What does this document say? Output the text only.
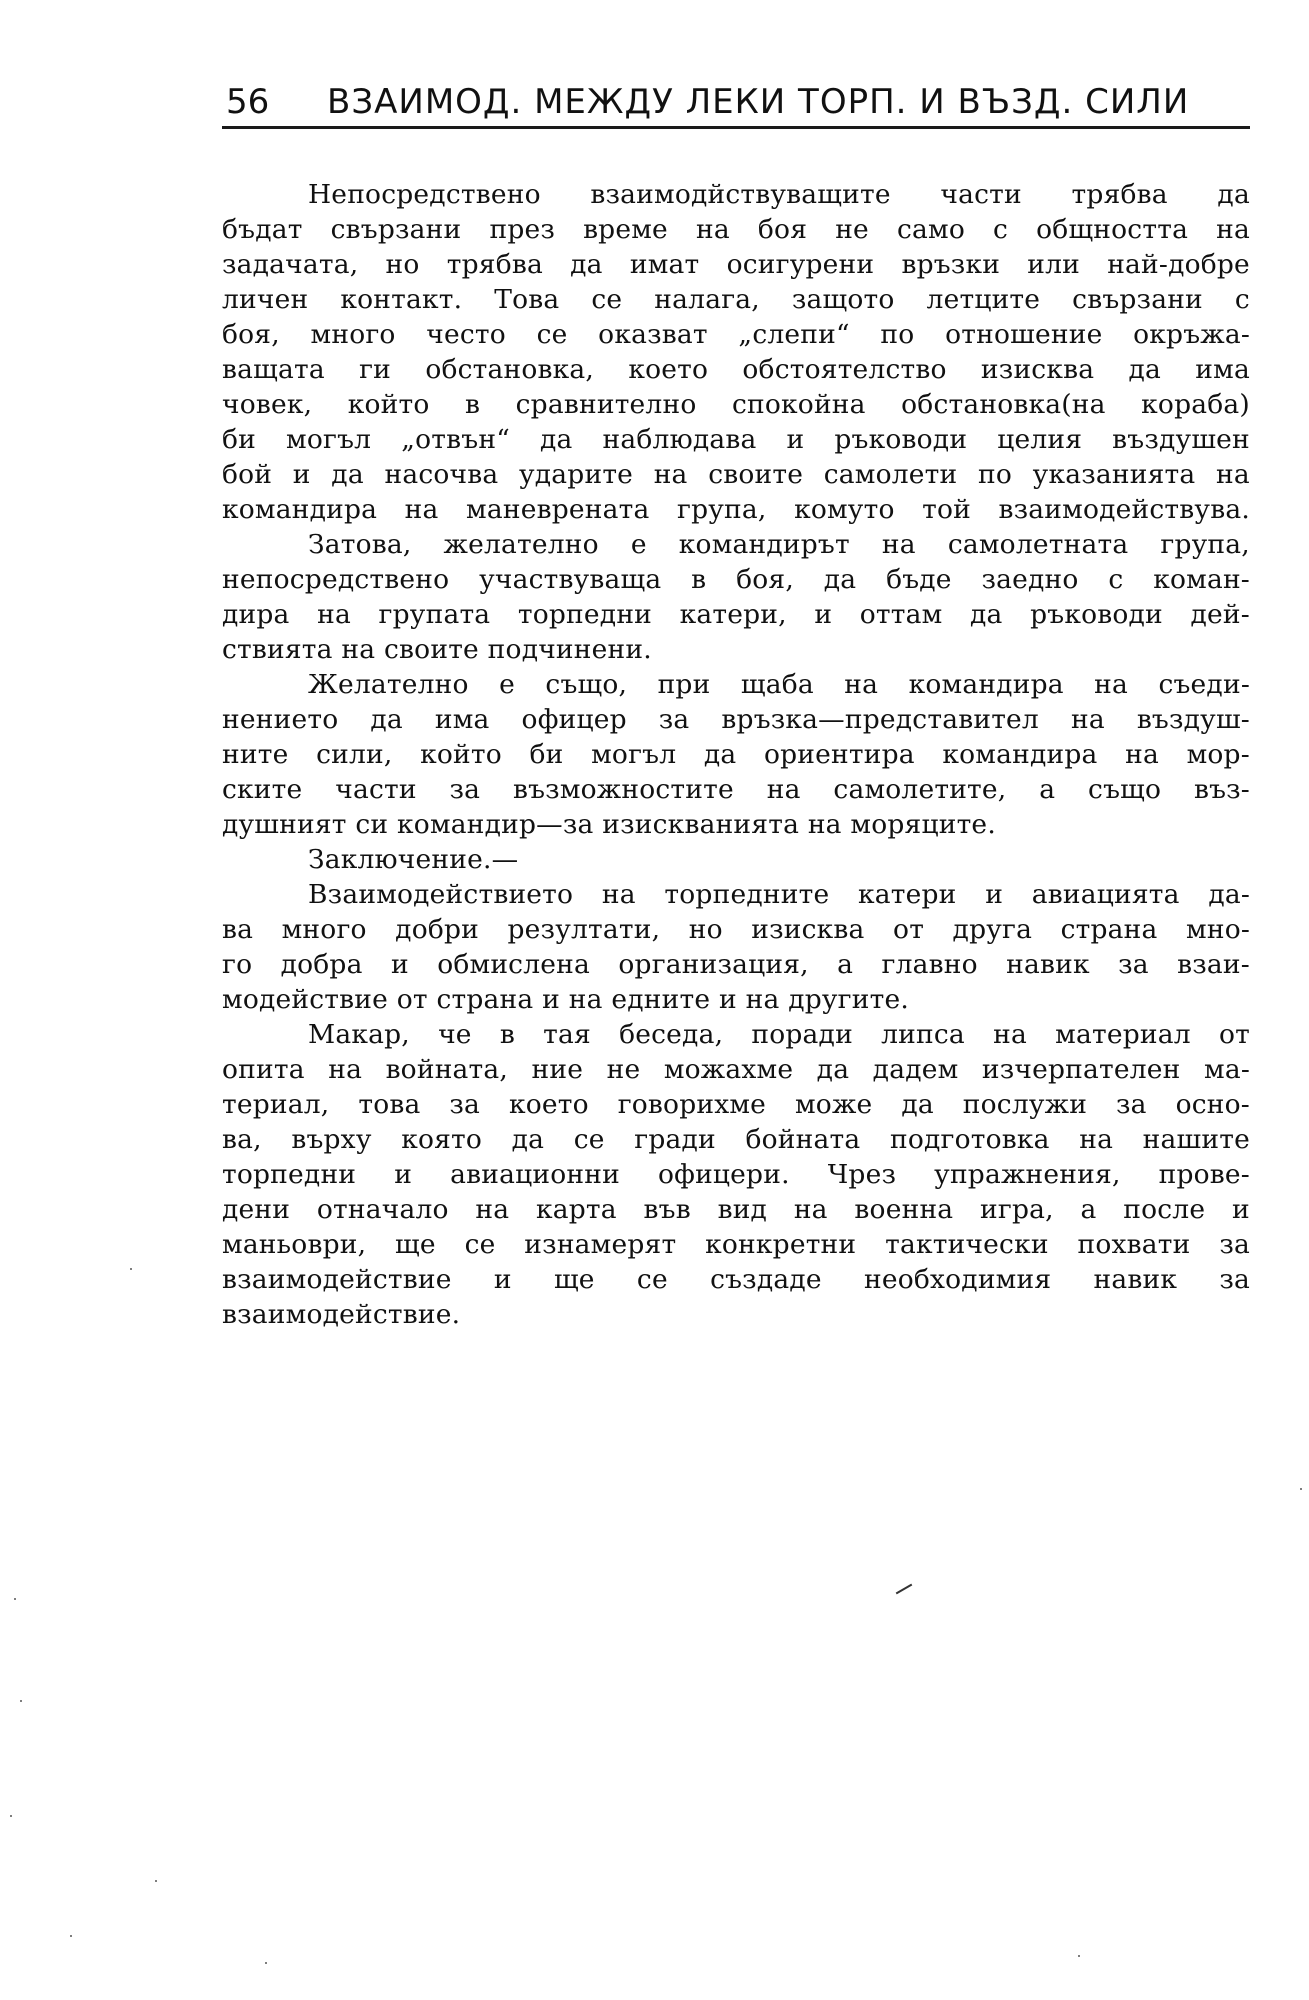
56 ВЗАИМОД. МЕЖДУ ЛЕКИ ТОРП. И ВЪЗД. СИЛИ
Непосредствено взаимодйствуващите части трябва да
бъдат свързани през време на боя не само с общността на
задачата, но трябва да имат осигурени връзки или най-добре
личен контакт. Това се налага, защото летците свързани с
боя, много често се оказват „слепи“ по отношение окръжа-
ващата ги обстановка, което обстоятелство изисква да има
човек, който в сравнително спокойна обстановка(на кораба)
би могъл „отвън“ да наблюдава и ръководи целия въздушен
бой и да насочва ударите на своите самолети по указанията на
командира на маневрената група, комуто той взаимодействува.
Затова, желателно е командирът на самолетната група,
непосредствено участвуваща в боя, да бъде заедно с коман-
дира на групата торпедни катери, и оттам да ръководи дей-
ствията на своите подчинени.
Желателно е също, при щаба на командира на съеди-
нението да има офицер за връзка—представител на въздуш-
ните сили, който би могъл да ориентира командира на мор-
ските части за възможностите на самолетите, а също въз-
душният си командир—за изискванията на моряците.
Заключение.—
Взаимодействието на торпедните катери и авиацията да-
ва много добри резултати, но изисква от друга страна мно-
го добра и обмислена организация, а главно навик за взаи-
модействие от страна и на едните и на другите.
Макар, че в тая беседа, поради липса на материал от
опита на войната, ние не можахме да дадем изчерпателен ма-
териал, това за което говорихме може да послужи за осно-
ва, върху която да се гради бойната подготовка на нашите
торпедни и авиационни офицери. Чрез упражнения, прове-
дени отначало на карта във вид на военна игра, а после и
маньоври, ще се изнамерят конкретни тактически похвати за
взаимодействие и ще се създаде необходимия навик за
взаимодействие.
